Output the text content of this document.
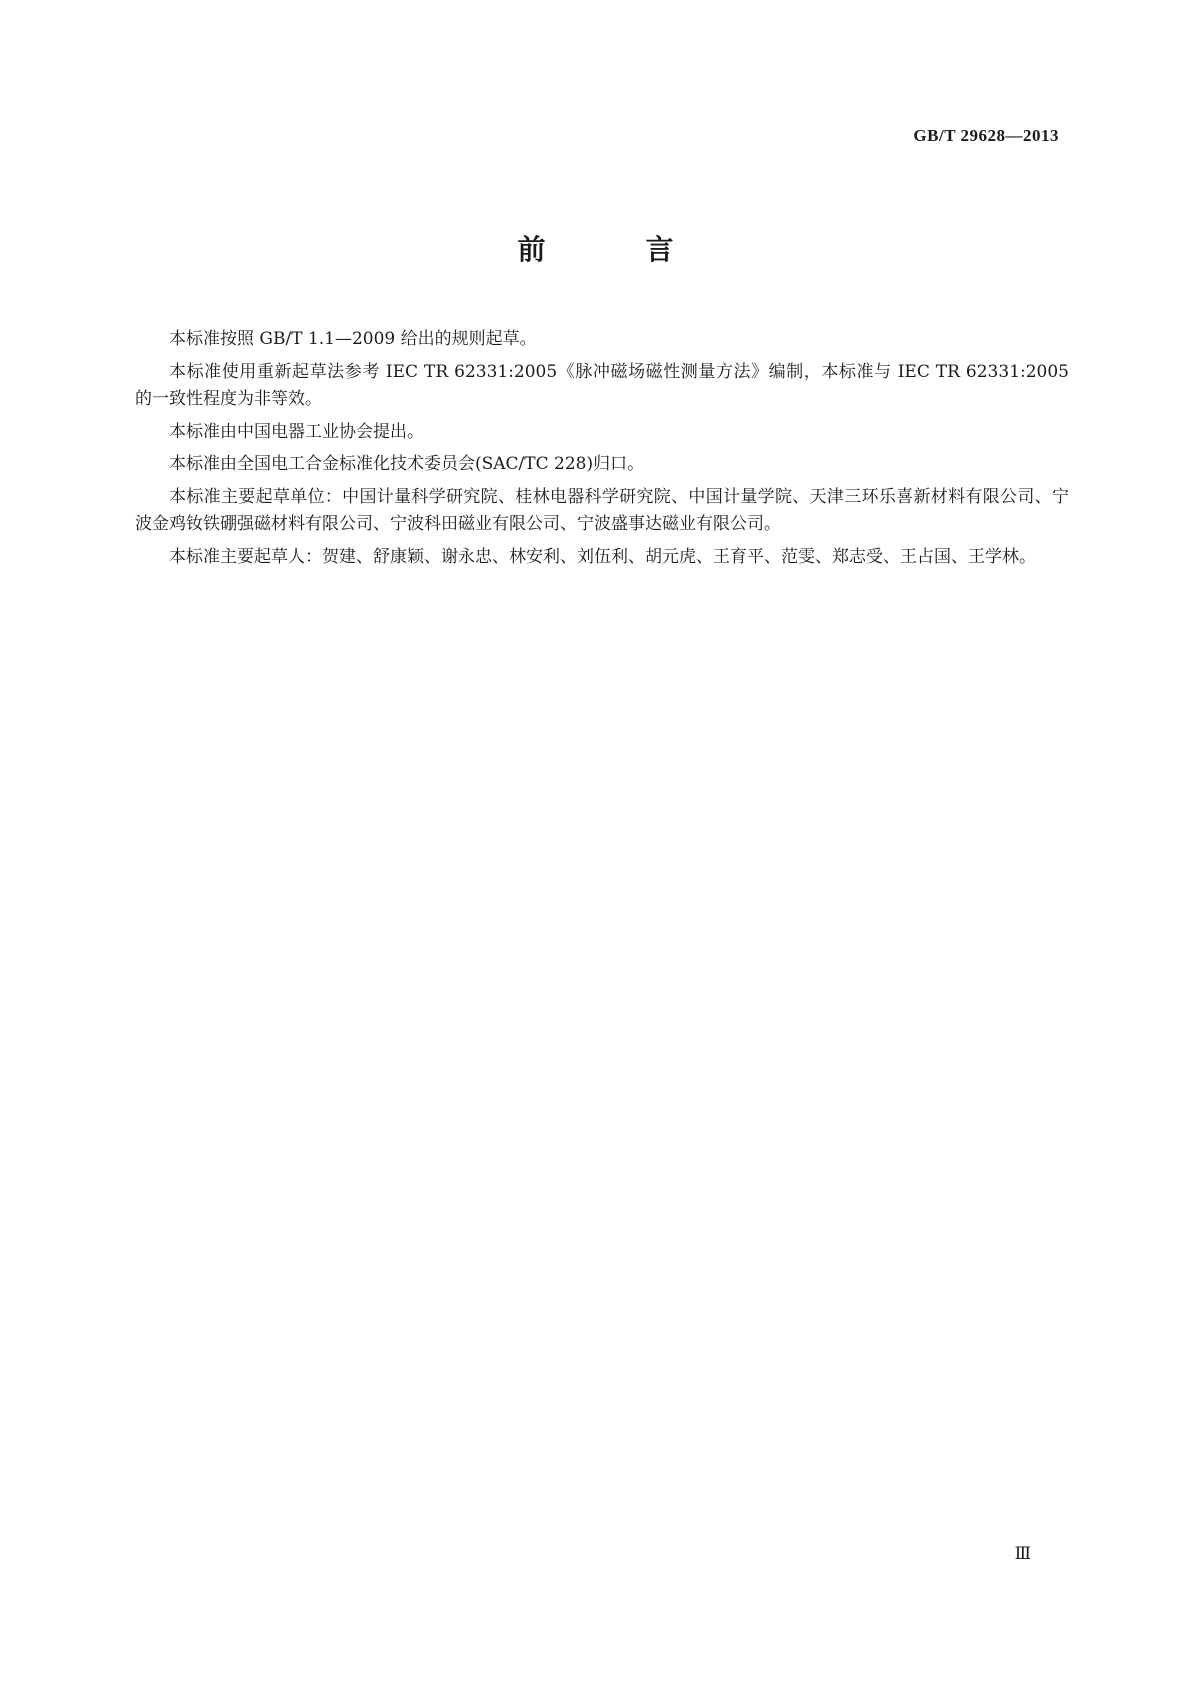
GB/T 29628—2013
前　言

本标准按照 GB/T 1.1—2009 给出的规则起草。

本标准使用重新起草法参考 IEC TR 62331:2005《脉冲磁场磁性测量方法》编制，本标准与 IEC TR 62331:2005 的一致性程度为非等效。

本标准由中国电器工业协会提出。

本标准由全国电工合金标准化技术委员会(SAC/TC 228)归口。

本标准主要起草单位：中国计量科学研究院、桂林电器科学研究院、中国计量学院、天津三环乐喜新材料有限公司、宁波金鸡钕铁硼强磁材料有限公司、宁波科田磁业有限公司、宁波盛事达磁业有限公司。

本标准主要起草人：贺建、舒康颖、谢永忠、林安利、刘伍利、胡元虎、王育平、范雯、郑志受、王占国、王学林。

Ⅲ
